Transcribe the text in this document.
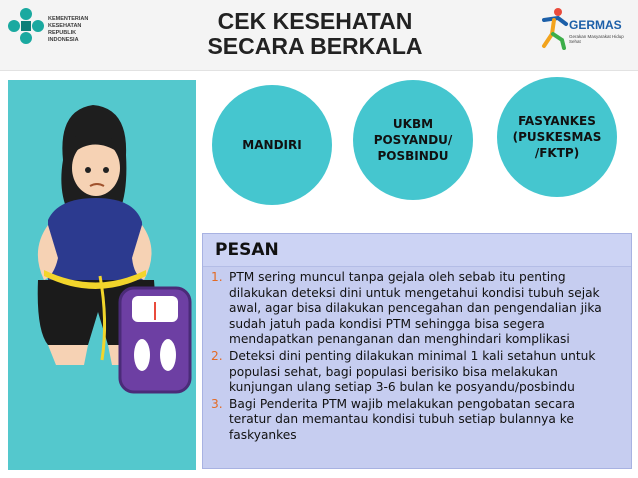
KEMENTERIAN
KESEHATAN
REPUBLIK
INDONESIA
CEK KESEHATAN
SECARA BERKALA
GERMAS
Gerakan Masyarakat Hidup Sehat
MANDIRI
UKBM
POSYANDU/
POSBINDU
FASYANKES
(PUSKESMAS
/FKTP)
PESAN
1. PTM sering muncul tanpa gejala oleh sebab itu penting dilakukan deteksi dini untuk mengetahui kondisi tubuh sejak awal, agar bisa dilakukan pencegahan dan pengendalian jika sudah jatuh pada kondisi PTM sehingga bisa segera mendapatkan penanganan dan menghindari komplikasi
2. Deteksi dini penting dilakukan minimal 1 kali setahun untuk populasi sehat, bagi populasi berisiko bisa melakukan kunjungan ulang setiap 3-6 bulan ke posyandu/posbindu
3. Bagi Penderita PTM wajib melakukan pengobatan secara teratur dan memantau kondisi tubuh setiap bulannya ke faskyankes
